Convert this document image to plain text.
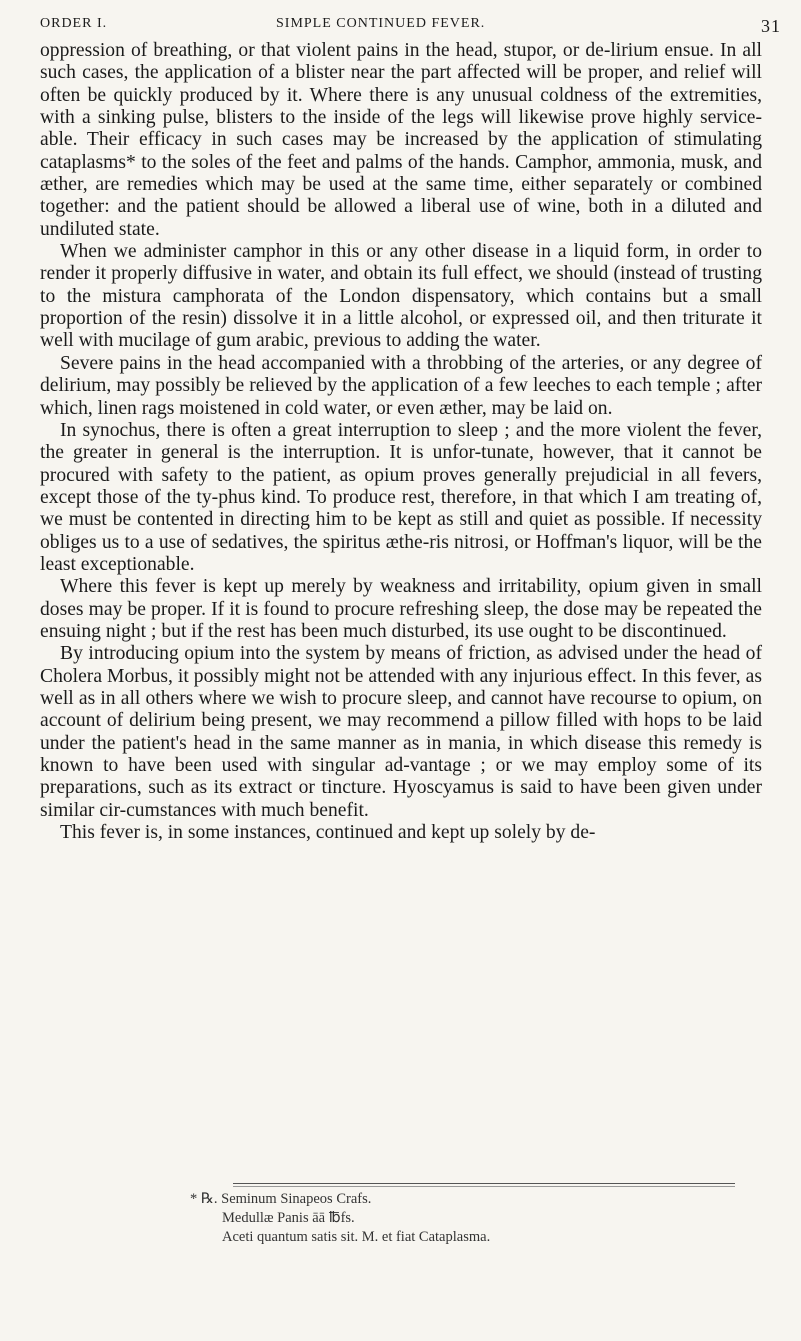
ORDER I.	SIMPLE CONTINUED FEVER.	31

oppression of breathing, or that violent pains in the head, stupor, or de-lirium ensue. In all such cases, the application of a blister near the part affected will be proper, and relief will often be quickly produced by it. Where there is any unusual coldness of the extremities, with a sinking pulse, blisters to the inside of the legs will likewise prove highly service-able. Their efficacy in such cases may be increased by the application of stimulating cataplasms* to the soles of the feet and palms of the hands. Camphor, ammonia, musk, and æther, are remedies which may be used at the same time, either separately or combined together: and the patient should be allowed a liberal use of wine, both in a diluted and undiluted state.

When we administer camphor in this or any other disease in a liquid form, in order to render it properly diffusive in water, and obtain its full effect, we should (instead of trusting to the mistura camphorata of the London dispensatory, which contains but a small proportion of the resin) dissolve it in a little alcohol, or expressed oil, and then triturate it well with mucilage of gum arabic, previous to adding the water.

Severe pains in the head accompanied with a throbbing of the arteries, or any degree of delirium, may possibly be relieved by the application of a few leeches to each temple ; after which, linen rags moistened in cold water, or even æther, may be laid on.

In synochus, there is often a great interruption to sleep ; and the more violent the fever, the greater in general is the interruption. It is unfor-tunate, however, that it cannot be procured with safety to the patient, as opium proves generally prejudicial in all fevers, except those of the ty-phus kind. To produce rest, therefore, in that which I am treating of, we must be contented in directing him to be kept as still and quiet as possible. If necessity obliges us to a use of sedatives, the spiritus æthe-ris nitrosi, or Hoffman's liquor, will be the least exceptionable.

Where this fever is kept up merely by weakness and irritability, opium given in small doses may be proper. If it is found to procure refreshing sleep, the dose may be repeated the ensuing night ; but if the rest has been much disturbed, its use ought to be discontinued.

By introducing opium into the system by means of friction, as advised under the head of Cholera Morbus, it possibly might not be attended with any injurious effect. In this fever, as well as in all others where we wish to procure sleep, and cannot have recourse to opium, on account of delirium being present, we may recommend a pillow filled with hops to be laid under the patient's head in the same manner as in mania, in which disease this remedy is known to have been used with singular ad-vantage ; or we may employ some of its preparations, such as its extract or tincture. Hyoscyamus is said to have been given under similar cir-cumstances with much benefit.

This fever is, in some instances, continued and kept up solely by de-

* ℞. Seminum Sinapeos Crafs.
Medullæ Panis āā ℔fs.
Aceti quantum satis sit. M. et fiat Cataplasma.
